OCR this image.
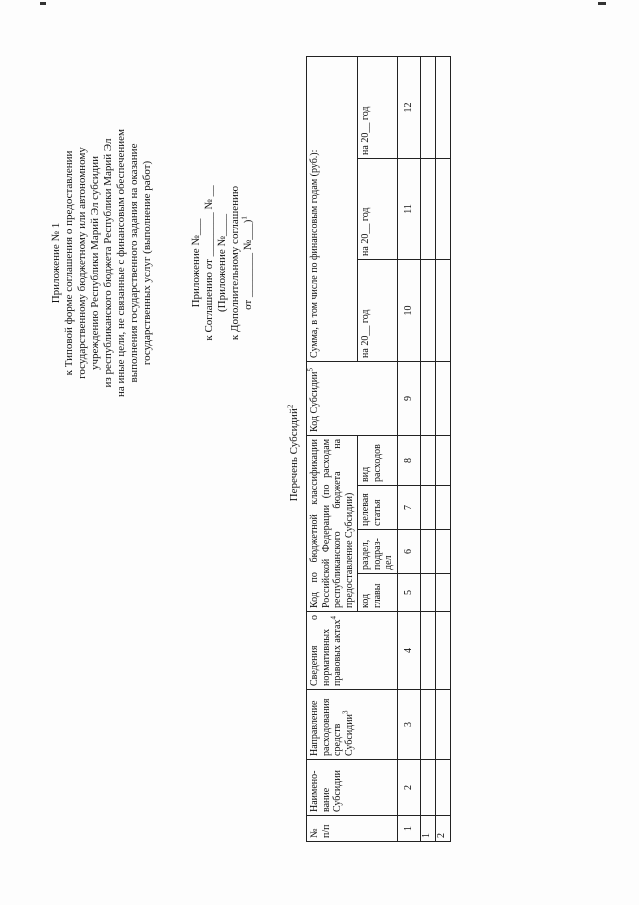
Приложение № 1 к Типовой форме соглашения о предоставлении государственному бюджетному или автономному учреждению Республики Марий Эл субсидии из республиканского бюджета Республики Марий Эл на иные цели, не связанные с финансовым обеспечением выполнения государственного задания на оказание государственных услуг (выполнение работ)	Приложение №___ к Соглашению от ________ № __ (Приложение №____ к Дополнительному соглашению от ________ №___)$^1$
Перечень Субсидий$^2$
№ п/п	Наимено-вание Субсидии	Направление расходования средств Субсидии$^3$	Сведения о нормативных правовых актах$^4$	Код по бюджетной классификации Российской Федерации (по расходам республиканского бюджета на предоставление Субсидии)				Код Субсидии$^5$	Сумма, в том числе по финансовым годам (руб.):		
				код главы	раздел, подраз-дел	целевая статья	вид расходов		на 20__ год	на 20__ год	на 20__ год
1	2	3	4	5	6	7	8	9	10	11	12
1											
2											
